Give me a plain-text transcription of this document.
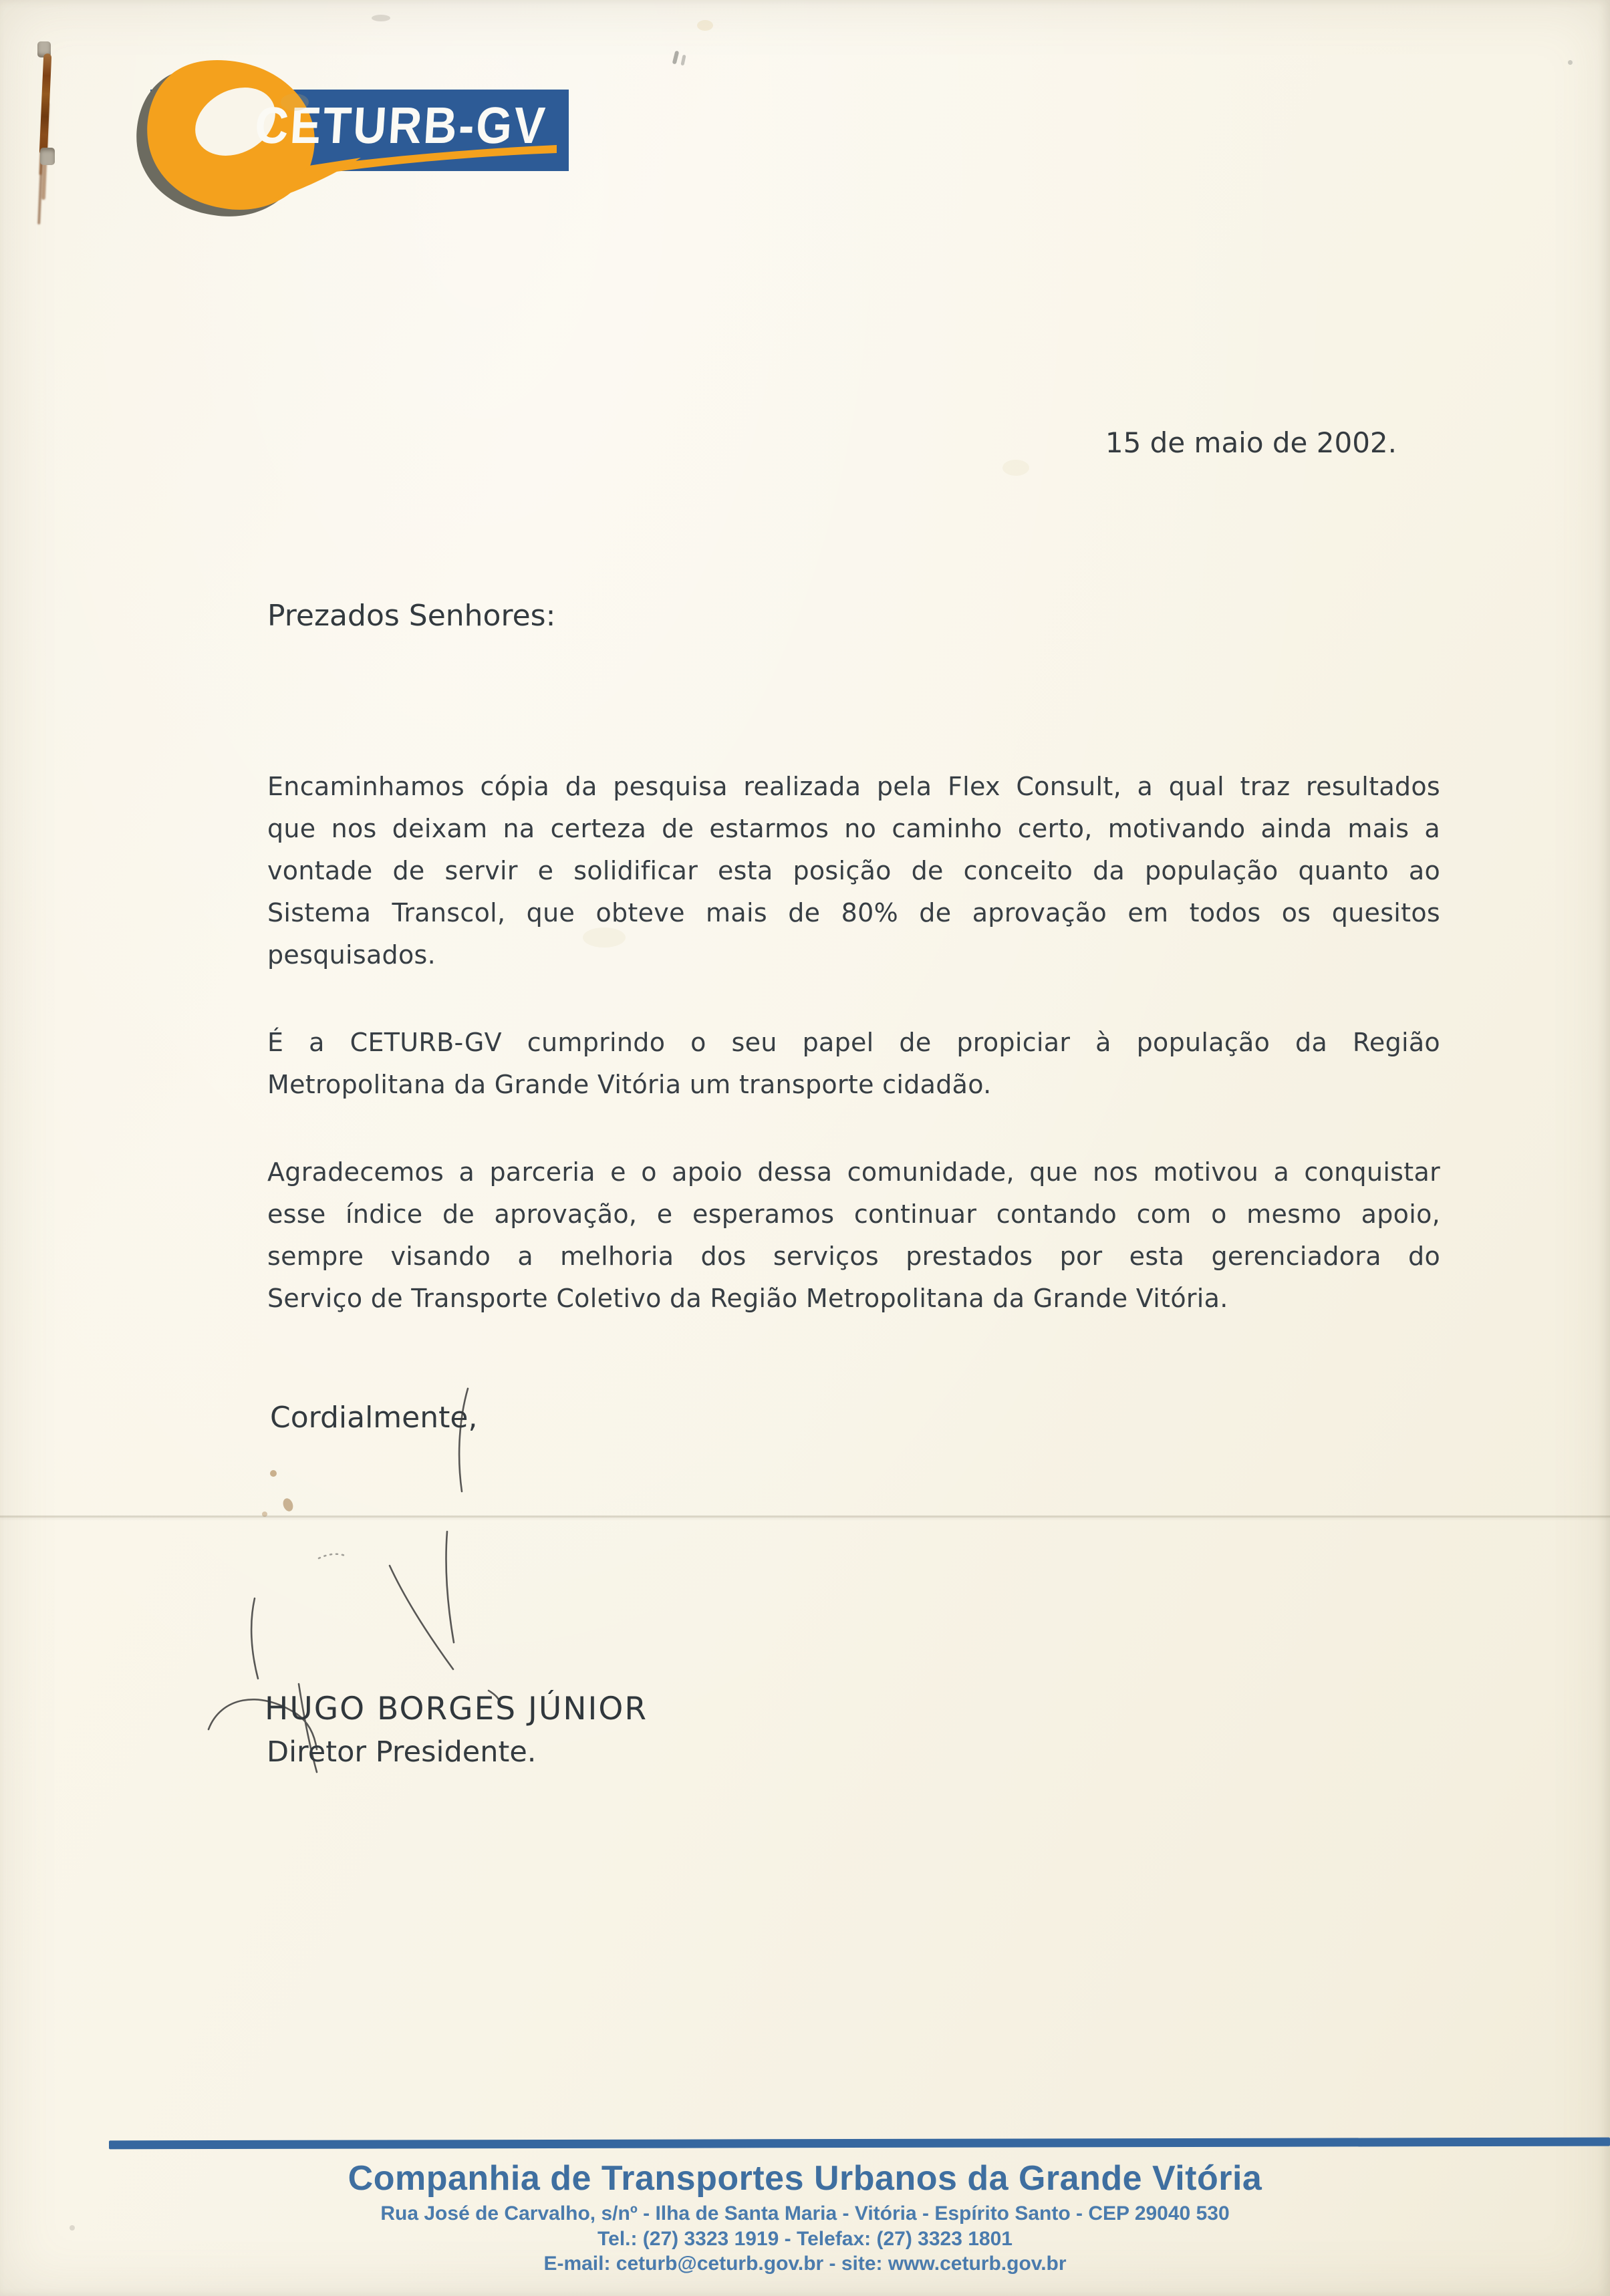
CETURB-GV
15 de maio de 2002.
Prezados Senhores:
Encaminhamos cópia da pesquisa realizada pela Flex Consult, a qual traz resultados
que nos deixam na certeza de estarmos no caminho certo, motivando ainda mais a
vontade de servir e solidificar esta posição de conceito da população quanto ao
Sistema Transcol, que obteve mais de 80% de aprovação em todos os quesitos
pesquisados.
É a CETURB-GV cumprindo o seu papel de propiciar à população da Região
Metropolitana da Grande Vitória um transporte cidadão.
Agradecemos a parceria e o apoio dessa comunidade, que nos motivou a conquistar
esse índice de aprovação, e esperamos continuar contando com o mesmo apoio,
sempre visando a melhoria dos serviços prestados por esta gerenciadora do
Serviço de Transporte Coletivo da Região Metropolitana da Grande Vitória.
Cordialmente,
HUGO BORGES JÚNIOR
Diretor Presidente.
Companhia de Transportes Urbanos da Grande Vitória
Rua José de Carvalho, s/nº - Ilha de Santa Maria - Vitória - Espírito Santo - CEP 29040 530
Tel.: (27) 3323 1919 - Telefax: (27) 3323 1801
E-mail: ceturb@ceturb.gov.br - site: www.ceturb.gov.br
